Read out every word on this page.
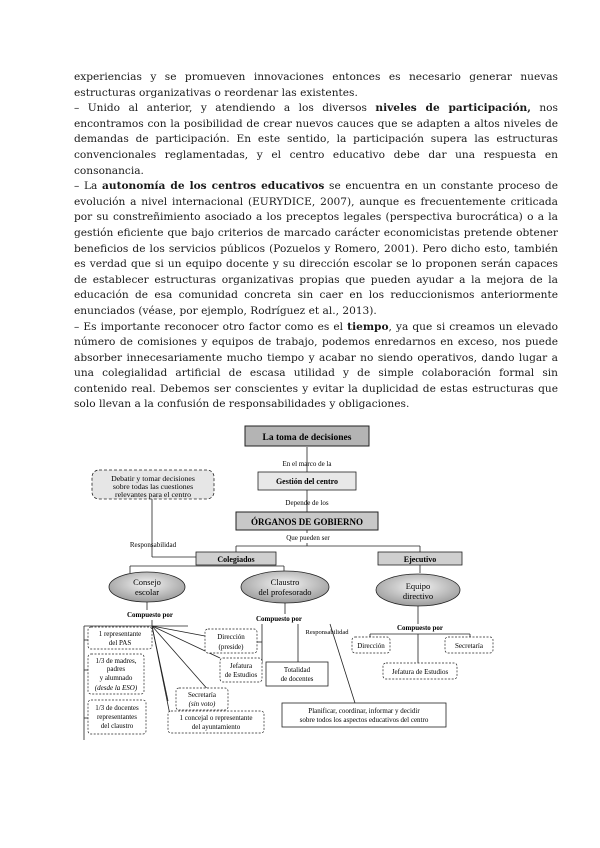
experiencias y se promueven innovaciones entonces es necesario generar nuevas estructuras organizativas o reordenar las existentes.

– Unido al anterior, y atendiendo a los diversos niveles de participación, nos encontramos con la posibilidad de crear nuevos cauces que se adapten a altos niveles de demandas de participación. En este sentido, la participación supera las estructuras convencionales reglamentadas, y el centro educativo debe dar una respuesta en consonancia.

– La autonomía de los centros educativos se encuentra en un constante proceso de evolución a nivel internacional (EURYDICE, 2007), aunque es frecuentemente criticada por su constreñimiento asociado a los preceptos legales (perspectiva burocrática) o a la gestión eficiente que bajo criterios de marcado carácter economicistas pretende obtener beneficios de los servicios públicos (Pozuelos y Romero, 2001). Pero dicho esto, también es verdad que si un equipo docente y su dirección escolar se lo proponen serán capaces de establecer estructuras organizativas propias que pueden ayudar a la mejora de la educación de esa comunidad concreta sin caer en los reduccionismos anteriormente enunciados (véase, por ejemplo, Rodríguez et al., 2013).

– Es importante reconocer otro factor como es el tiempo, ya que si creamos un elevado número de comisiones y equipos de trabajo, podemos enredarnos en exceso, nos puede absorber innecesariamente mucho tiempo y acabar no siendo operativos, dando lugar a una colegialidad artificial de escasa utilidad y de simple colaboración formal sin contenido real. Debemos ser conscientes y evitar la duplicidad de estas estructuras que solo llevan a la confusión de responsabilidades y obligaciones.

La toma de decisiones
En el marco de la
Gestión del centro
Depende de los
ÓRGANOS DE GOBIERNO
Que pueden ser
Colegiados	Ejecutivo
Debatir y tomar decisiones
sobre todas las cuestiones
relevantes para el centro
Responsabilidad
Consejo
escolar
Claustro
del profesorado
Equipo
directivo
Compuesto por	Compuesto por
Responsabilidad
Compuesto por
1 representante
del PAS
1/3 de madres,
padres
y alumnado
(desde la ESO)
1/3 de docentes
representantes
del claustro
Dirección
(preside)
Jefatura
de Estudios
Secretaría
(sin voto)
1 concejal o representante
del ayuntamiento
Totalidad
de docentes
Planificar, coordinar, informar y decidir
sobre todos los aspectos educativos del centro
Dirección	Secretaría
Jefatura de Estudios
